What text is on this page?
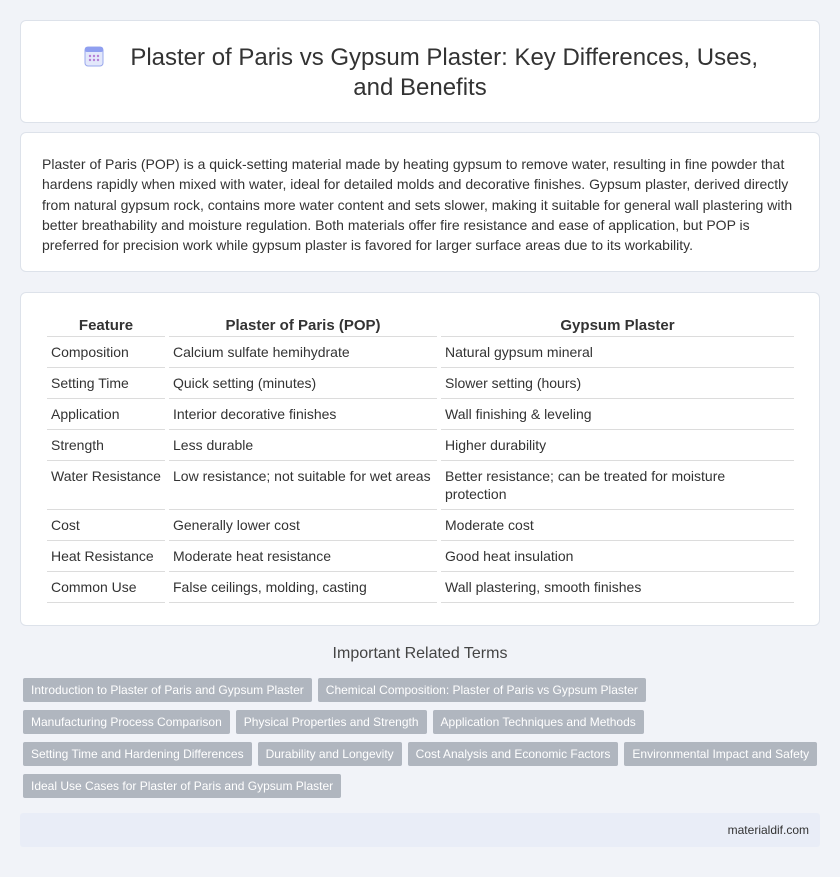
Plaster of Paris vs Gypsum Plaster: Key Differences, Uses, and Benefits

Plaster of Paris (POP) is a quick-setting material made by heating gypsum to remove water, resulting in fine powder that hardens rapidly when mixed with water, ideal for detailed molds and decorative finishes. Gypsum plaster, derived directly from natural gypsum rock, contains more water content and sets slower, making it suitable for general wall plastering with better breathability and moisture regulation. Both materials offer fire resistance and ease of application, but POP is preferred for precision work while gypsum plaster is favored for larger surface areas due to its workability.

Feature	Plaster of Paris (POP)	Gypsum Plaster
Composition	Calcium sulfate hemihydrate	Natural gypsum mineral
Setting Time	Quick setting (minutes)	Slower setting (hours)
Application	Interior decorative finishes	Wall finishing & leveling
Strength	Less durable	Higher durability
Water Resistance	Low resistance; not suitable for wet areas	Better resistance; can be treated for moisture protection
Cost	Generally lower cost	Moderate cost
Heat Resistance	Moderate heat resistance	Good heat insulation
Common Use	False ceilings, molding, casting	Wall plastering, smooth finishes
Important Related Terms
Introduction to Plaster of Paris and Gypsum Plaster Chemical Composition: Plaster of Paris vs Gypsum Plaster
Manufacturing Process Comparison Physical Properties and Strength Application Techniques and Methods
Setting Time and Hardening Differences Durability and Longevity Cost Analysis and Economic Factors Environmental Impact and Safety
Ideal Use Cases for Plaster of Paris and Gypsum Plaster
materialdif.com
